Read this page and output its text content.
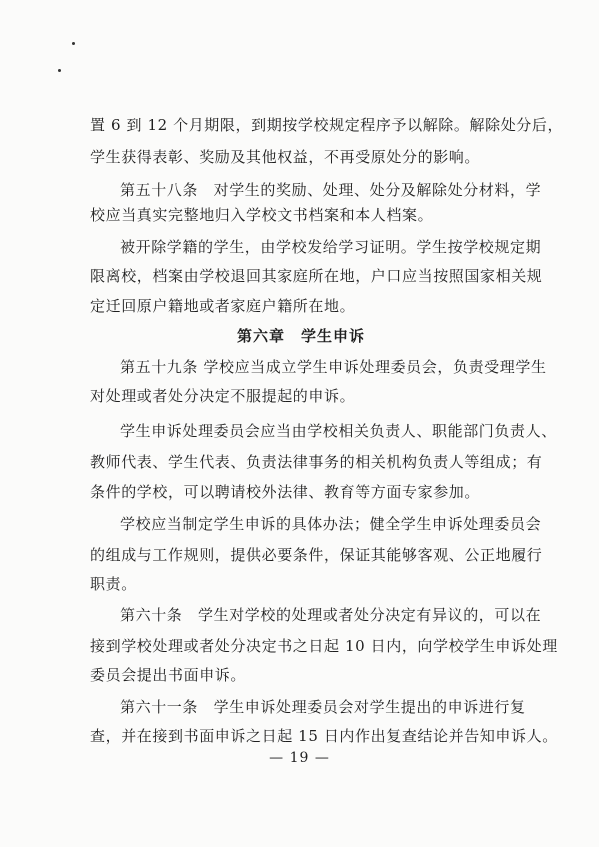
置 6 到 12 个月期限，到期按学校规定程序予以解除。解除处分后，
学生获得表彰、奖励及其他权益，不再受原处分的影响。
第五十八条　对学生的奖励、处理、处分及解除处分材料，学
校应当真实完整地归入学校文书档案和本人档案。
被开除学籍的学生，由学校发给学习证明。学生按学校规定期
限离校，档案由学校退回其家庭所在地，户口应当按照国家相关规
定迁回原户籍地或者家庭户籍所在地。
第六章　学生申诉
第五十九条 学校应当成立学生申诉处理委员会，负责受理学生
对处理或者处分决定不服提起的申诉。
学生申诉处理委员会应当由学校相关负责人、职能部门负责人、
教师代表、学生代表、负责法律事务的相关机构负责人等组成；有
条件的学校，可以聘请校外法律、教育等方面专家参加。
学校应当制定学生申诉的具体办法；健全学生申诉处理委员会
的组成与工作规则，提供必要条件，保证其能够客观、公正地履行
职责。
第六十条　学生对学校的处理或者处分决定有异议的，可以在
接到学校处理或者处分决定书之日起 10 日内，向学校学生申诉处理
委员会提出书面申诉。
第六十一条　学生申诉处理委员会对学生提出的申诉进行复
查，并在接到书面申诉之日起 15 日内作出复查结论并告知申诉人。
— 19 —
